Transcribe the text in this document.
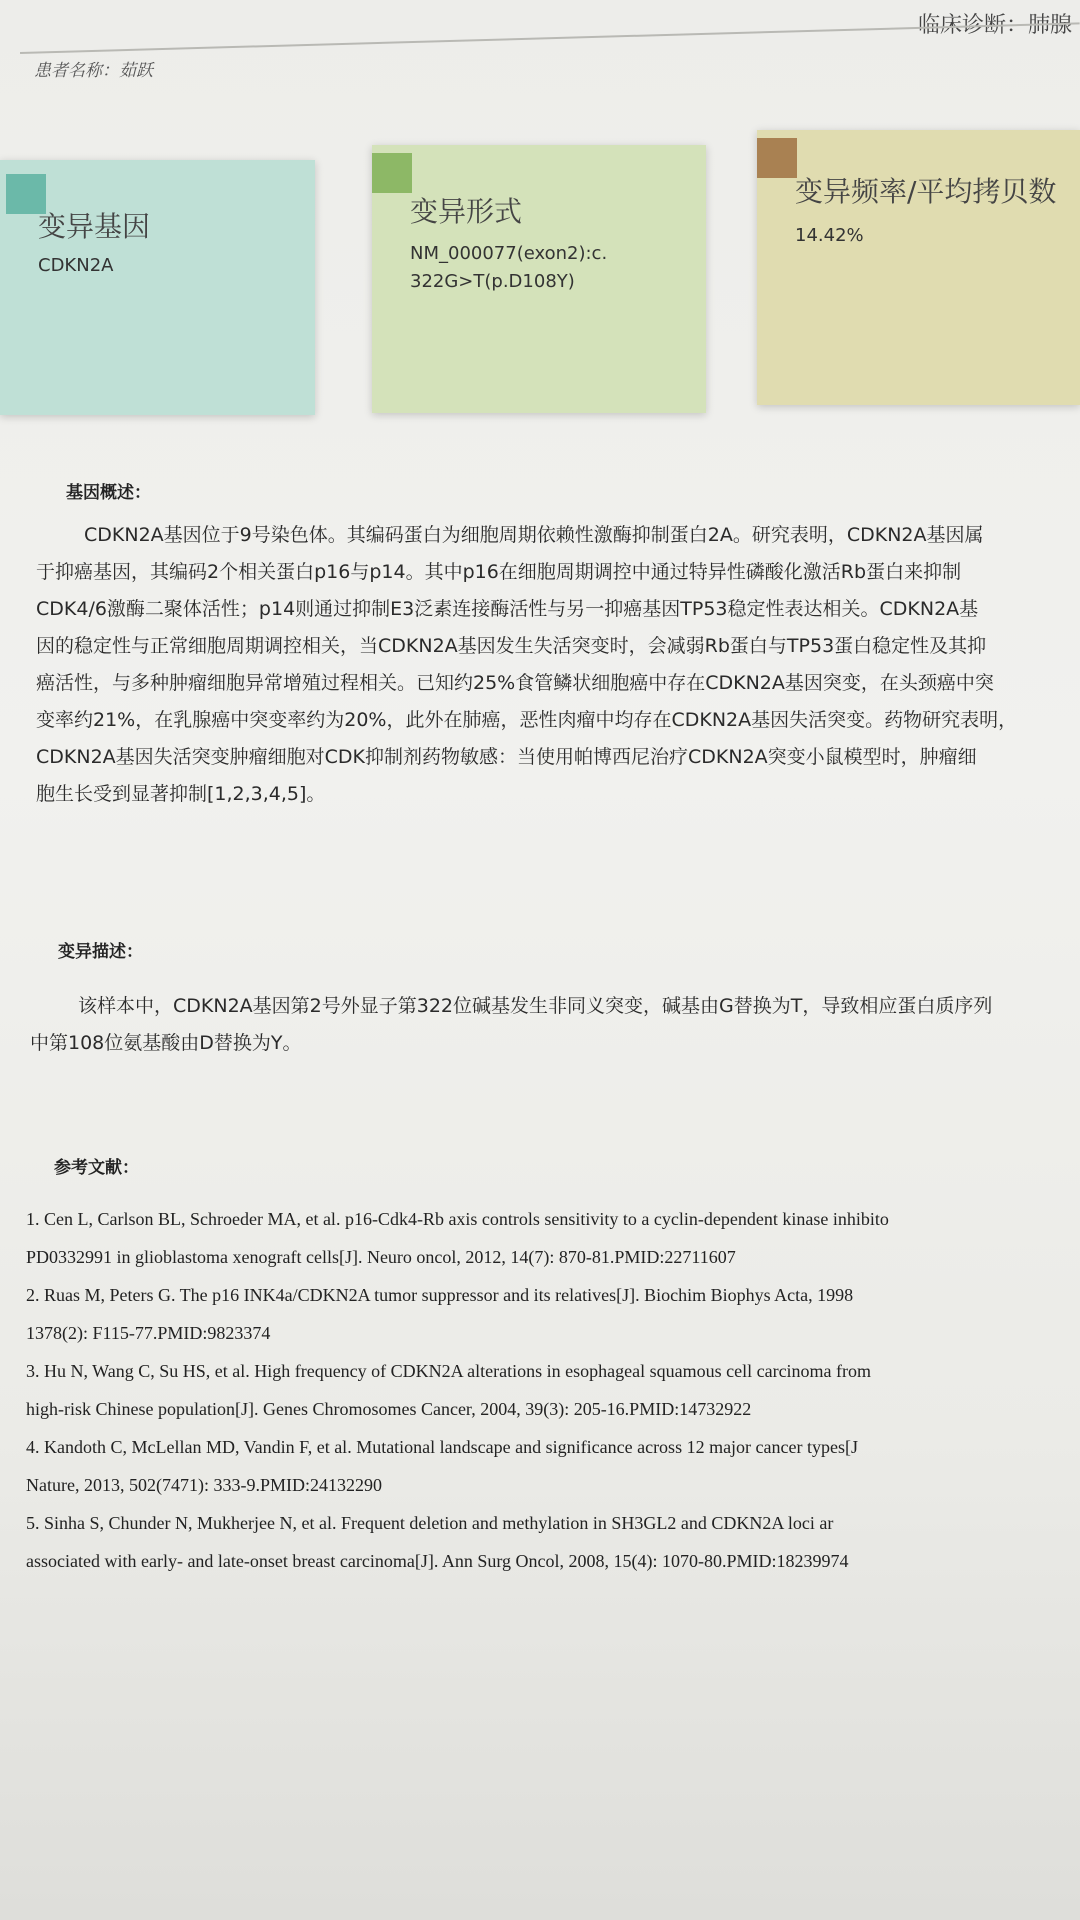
临床诊断：肺腺
患者名称：茹跃
变异基因
CDKN2A
变异形式
NM_000077(exon2):c.
322G>T(p.D108Y)
变异频率/平均拷贝数
14.42%
基因概述：
CDKN2A基因位于9号染色体。其编码蛋白为细胞周期依赖性激酶抑制蛋白2A。研究表明，CDKN2A基因属
于抑癌基因，其编码2个相关蛋白p16与p14。其中p16在细胞周期调控中通过特异性磷酸化激活Rb蛋白来抑制
CDK4/6激酶二聚体活性；p14则通过抑制E3泛素连接酶活性与另一抑癌基因TP53稳定性表达相关。CDKN2A基
因的稳定性与正常细胞周期调控相关，当CDKN2A基因发生失活突变时，会减弱Rb蛋白与TP53蛋白稳定性及其抑
癌活性，与多种肿瘤细胞异常增殖过程相关。已知约25%食管鳞状细胞癌中存在CDKN2A基因突变，在头颈癌中突
变率约21%，在乳腺癌中突变率约为20%，此外在肺癌，恶性肉瘤中均存在CDKN2A基因失活突变。药物研究表明，
CDKN2A基因失活突变肿瘤细胞对CDK抑制剂药物敏感：当使用帕博西尼治疗CDKN2A突变小鼠模型时，肿瘤细
胞生长受到显著抑制[1,2,3,4,5]。
变异描述：
该样本中，CDKN2A基因第2号外显子第322位碱基发生非同义突变，碱基由G替换为T，导致相应蛋白质序列
中第108位氨基酸由D替换为Y。
参考文献：
1. Cen L, Carlson BL, Schroeder MA, et al. p16-Cdk4-Rb axis controls sensitivity to a cyclin-dependent kinase inhibito
PD0332991 in glioblastoma xenograft cells[J]. Neuro oncol, 2012, 14(7): 870-81.PMID:22711607
2. Ruas M, Peters G. The p16 INK4a/CDKN2A tumor suppressor and its relatives[J]. Biochim Biophys Acta, 1998
1378(2): F115-77.PMID:9823374
3. Hu N, Wang C, Su HS, et al. High frequency of CDKN2A alterations in esophageal squamous cell carcinoma from
high-risk Chinese population[J]. Genes Chromosomes Cancer, 2004, 39(3): 205-16.PMID:14732922
4. Kandoth C, McLellan MD, Vandin F, et al. Mutational landscape and significance across 12 major cancer types[J
Nature, 2013, 502(7471): 333-9.PMID:24132290
5. Sinha S, Chunder N, Mukherjee N, et al. Frequent deletion and methylation in SH3GL2 and CDKN2A loci ar
associated with early- and late-onset breast carcinoma[J]. Ann Surg Oncol, 2008, 15(4): 1070-80.PMID:18239974
